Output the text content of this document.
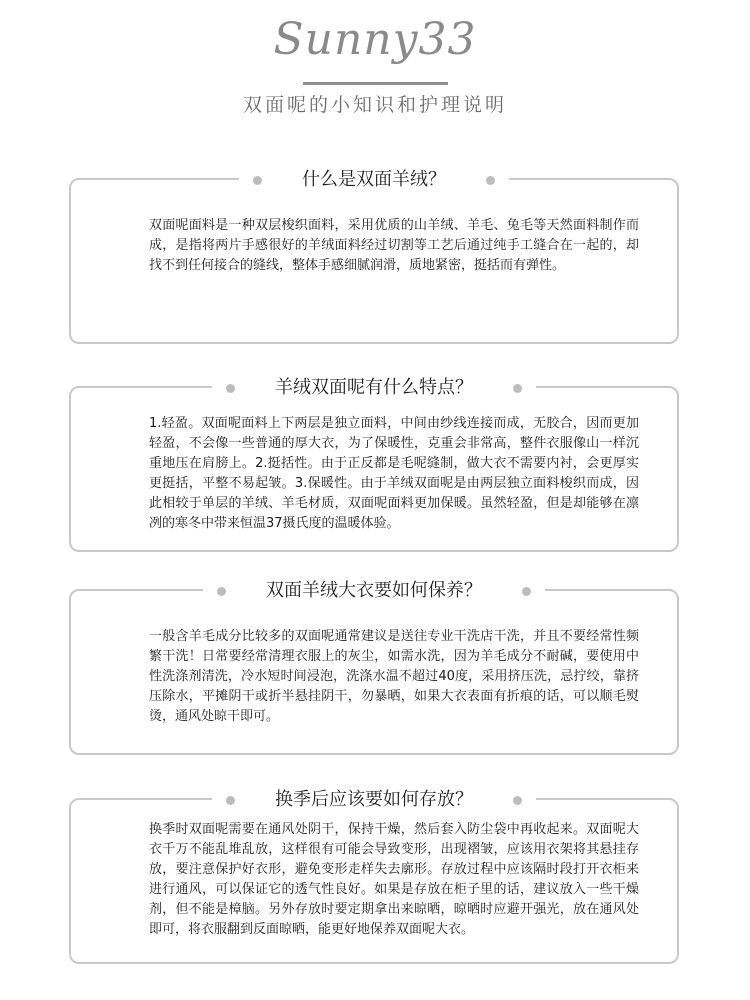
Sunny33
双面呢的小知识和护理说明
什么是双面羊绒？
双面呢面料是一种双层梭织面料，采用优质的山羊绒、羊毛、兔毛等天然面料制作而成，是指将两片手感很好的羊绒面料经过切割等工艺后通过纯手工缝合在一起的，却找不到任何接合的缝线，整体手感细腻润滑，质地紧密，挺括而有弹性。
羊绒双面呢有什么特点？
1.轻盈。双面呢面料上下两层是独立面料，中间由纱线连接而成，无胶合，因而更加轻盈，不会像一些普通的厚大衣，为了保暖性，克重会非常高，整件衣服像山一样沉重地压在肩膀上。2.挺括性。由于正反都是毛呢缝制，做大衣不需要内衬，会更厚实更挺括，平整不易起皱。3.保暖性。由于羊绒双面呢是由两层独立面料梭织而成，因此相较于单层的羊绒、羊毛材质，双面呢面料更加保暖。虽然轻盈，但是却能够在凛冽的寒冬中带来恒温37摄氏度的温暖体验。
双面羊绒大衣要如何保养？
一般含羊毛成分比较多的双面呢通常建议是送往专业干洗店干洗，并且不要经常性频繁干洗！日常要经常清理衣服上的灰尘，如需水洗，因为羊毛成分不耐碱，要使用中性洗涤剂清洗，冷水短时间浸泡，洗涤水温不超过40度，采用挤压洗，忌拧绞，靠挤压除水，平摊阴干或折半悬挂阴干，勿暴晒，如果大衣表面有折痕的话，可以顺毛熨烫，通风处晾干即可。
换季后应该要如何存放？
换季时双面呢需要在通风处阴干，保持干燥，然后套入防尘袋中再收起来。双面呢大衣千万不能乱堆乱放，这样很有可能会导致变形，出现褶皱，应该用衣架将其悬挂存放，要注意保护好衣形，避免变形走样失去廓形。存放过程中应该隔时段打开衣柜来进行通风，可以保证它的透气性良好。如果是存放在柜子里的话，建议放入一些干燥剂，但不能是樟脑。另外存放时要定期拿出来晾晒，晾晒时应避开强光，放在通风处即可，将衣服翻到反面晾晒，能更好地保养双面呢大衣。
